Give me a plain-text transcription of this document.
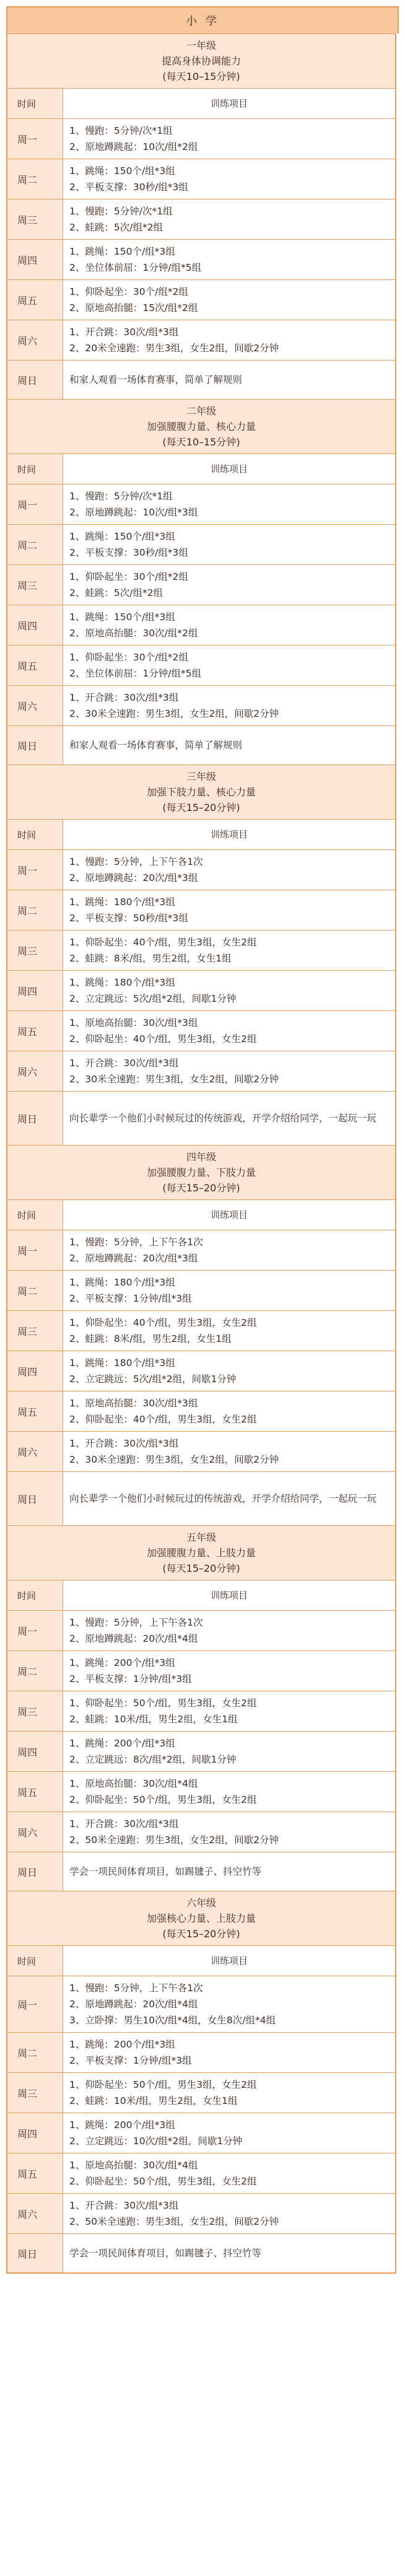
小 学
一年级
提高身体协调能力
(每天10–15分钟)
时间	训练项目
周一
1、慢跑：5分钟/次*1组
2、原地蹲跳起：10次/组*2组
周二
1、跳绳：150个/组*3组
2、平板支撑：30秒/组*3组
周三
1、慢跑：5分钟/次*1组
2、蛙跳：5次/组*2组
周四
1、跳绳：150个/组*3组
2、坐位体前屈：1分钟/组*5组
周五
1、仰卧起坐：30个/组*2组
2、原地高抬腿：15次/组*2组
周六
1、开合跳：30次/组*3组
2、20米全速跑：男生3组，女生2组，间歇2分钟
周日	和家人观看一场体育赛事，简单了解规则
二年级
加强腰腹力量、核心力量
(每天10–15分钟)
时间	训练项目
周一
1、慢跑：5分钟/次*1组
2、原地蹲跳起：10次/组*3组
周二
1、跳绳：150个/组*3组
2、平板支撑：30秒/组*3组
周三
1、仰卧起坐：30个/组*2组
2、蛙跳：5次/组*2组
周四
1、跳绳：150个/组*3组
2、原地高抬腿：30次/组*2组
周五
1、仰卧起坐：30个/组*2组
2、坐位体前屈：1分钟/组*5组
周六
1、开合跳：30次/组*3组
2、30米全速跑：男生3组，女生2组，间歇2分钟
周日	和家人观看一场体育赛事，简单了解规则
三年级
加强下肢力量、核心力量
(每天15–20分钟)
时间	训练项目
周一
1、慢跑：5分钟，上下午各1次
2、原地蹲跳起：20次/组*3组
周二
1、跳绳：180个/组*3组
2、平板支撑：50秒/组*3组
周三
1、仰卧起坐：40个/组，男生3组，女生2组
2、蛙跳：8米/组，男生2组，女生1组
周四
1、跳绳：180个/组*3组
2、立定跳远：5次/组*2组，间歇1分钟
周五
1、原地高抬腿：30次/组*3组
2、仰卧起坐：40个/组，男生3组，女生2组
周六
1、开合跳：30次/组*3组
2、30米全速跑：男生3组，女生2组，间歇2分钟
周日	向长辈学一个他们小时候玩过的传统游戏，开学介绍给同学，一起玩一玩
四年级
加强腰腹力量、下肢力量
(每天15–20分钟)
时间	训练项目
周一
1、慢跑：5分钟，上下午各1次
2、原地蹲跳起：20次/组*3组
周二
1、跳绳：180个/组*3组
2、平板支撑：1分钟/组*3组
周三
1、仰卧起坐：40个/组，男生3组，女生2组
2、蛙跳：8米/组，男生2组，女生1组
周四
1、跳绳：180个/组*3组
2、立定跳远：5次/组*2组，间歇1分钟
周五
1、原地高抬腿：30次/组*3组
2、仰卧起坐：40个/组，男生3组，女生2组
周六
1、开合跳：30次/组*3组
2、30米全速跑：男生3组，女生2组，间歇2分钟
周日	向长辈学一个他们小时候玩过的传统游戏，开学介绍给同学，一起玩一玩
五年级
加强腰腹力量、上肢力量
(每天15–20分钟)
时间	训练项目
周一
1、慢跑：5分钟，上下午各1次
2、原地蹲跳起：20次/组*4组
周二
1、跳绳：200个/组*3组
2、平板支撑：1分钟/组*3组
周三
1、仰卧起坐：50个/组，男生3组，女生2组
2、蛙跳：10米/组，男生2组，女生1组
周四
1、跳绳：200个/组*3组
2、立定跳远：8次/组*2组，间歇1分钟
周五
1、原地高抬腿：30次/组*4组
2、仰卧起坐：50个/组，男生3组，女生2组
周六
1、开合跳：30次/组*3组
2、50米全速跑：男生3组，女生2组，间歇2分钟
周日	学会一项民间体育项目，如踢毽子、抖空竹等
六年级
加强核心力量、上肢力量
(每天15–20分钟)
时间	训练项目
周一
1、慢跑：5分钟，上下午各1次
2、原地蹲跳起：20次/组*4组
3、立卧撑：男生10次/组*4组，女生8次/组*4组
周二
1、跳绳：200个/组*3组
2、平板支撑：1分钟/组*3组
周三
1、仰卧起坐：50个/组，男生3组，女生2组
2、蛙跳：10米/组，男生2组，女生1组
周四
1、跳绳：200个/组*3组
2、立定跳远：10次/组*2组，间歇1分钟
周五
1、原地高抬腿：30次/组*4组
2、仰卧起坐：50个/组，男生3组，女生2组
周六
1、开合跳：30次/组*3组
2、50米全速跑：男生3组，女生2组，间歇2分钟
周日	学会一项民间体育项目，如踢毽子、抖空竹等
